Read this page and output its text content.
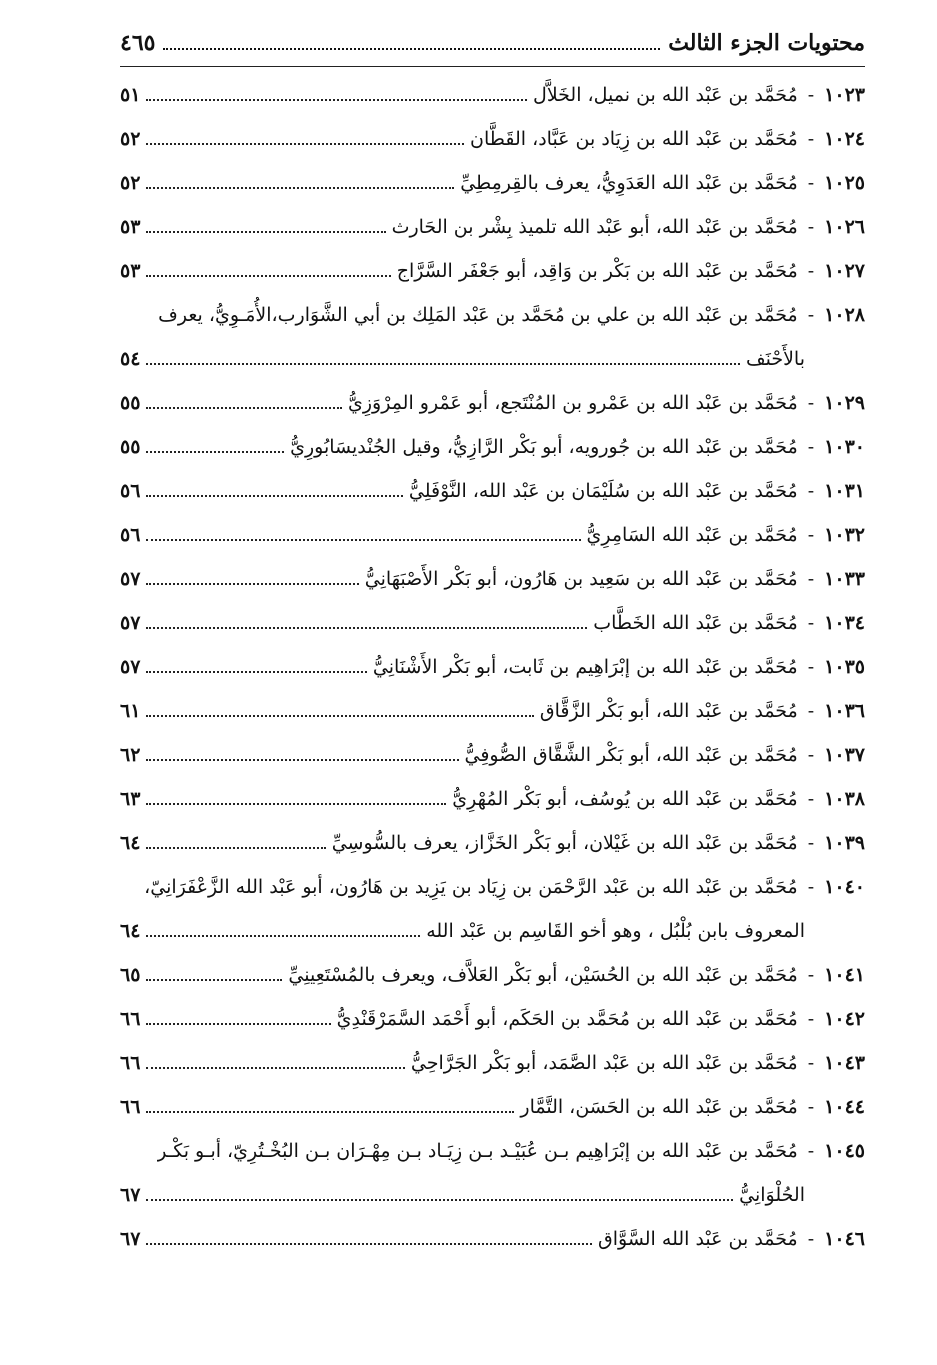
محتويات الجزء الثالث
٤٦٥
١٠٢٣
-
مُحَمَّد بن عَبْد الله بن نميل، الخَلاَّل
٥١
١٠٢٤
-
مُحَمَّد بن عَبْد الله بن زِيَاد بن عَبَّاد، القَطَّان
٥٢
١٠٢٥
-
مُحَمَّد بن عَبْد الله العَدَوِيُّ، يعرف بالقِرمِطِيِّ
٥٢
١٠٢٦
-
مُحَمَّد بن عَبْد الله، أبو عَبْد الله تلميذ بِشْر بن الحَارث
٥٣
١٠٢٧
-
مُحَمَّد بن عَبْد الله بن بَكْر بن وَاقِد، أبو جَعْفَر السَّرَّاج
٥٣
١٠٢٨
-
مُحَمَّد بن عَبْد الله بن علي بن مُحَمَّد بن عَبْد المَلِك بن أبي الشَّوَارب،الأُمَـوِيُّ، يعرف
بالأَحْنَف
٥٤
١٠٢٩
-
مُحَمَّد بن عَبْد الله بن عَمْرو بن المُنْتَجع، أبو عَمْرو المِرْوَزِيُّ
٥٥
١٠٣٠
-
مُحَمَّد بن عَبْد الله بن جُورويه، أبو بَكْر الرَّازِيُّ، وقيل الجُنْديسَابُورِيُّ
٥٥
١٠٣١
-
مُحَمَّد بن عَبْد الله بن سُلَيْمَان بن عَبْد الله، النَّوْفَلِيُّ
٥٦
١٠٣٢
-
مُحَمَّد بن عَبْد الله السَامِرِيُّ
٥٦
١٠٣٣
-
مُحَمَّد بن عَبْد الله بن سَعِيد بن هَارُون، أبو بَكْر الأَصْبَهَانِيُّ
٥٧
١٠٣٤
-
مُحَمَّد بن عَبْد الله الخَطَّاب
٥٧
١٠٣٥
-
مُحَمَّد بن عَبْد الله بن إبْرَاهِيم بن ثَابت، أبو بَكْر الأَشْنَانِيُّ
٥٧
١٠٣٦
-
مُحَمَّد بن عَبْد الله، أبو بَكْر الزَّقَّاق
٦١
١٠٣٧
-
مُحَمَّد بن عَبْد الله، أبو بَكْر الشَّقَّاق الصُّوفِيُّ
٦٢
١٠٣٨
-
مُحَمَّد بن عَبْد الله بن يُوسُف، أبو بَكْر المُهْرِيُّ
٦٣
١٠٣٩
-
مُحَمَّد بن عَبْد الله بن غَيْلان، أبو بَكْر الخَزَّاز، يعرف بالسُّوسِيِّ
٦٤
١٠٤٠
-
مُحَمَّد بن عَبْد الله بن عَبْد الرَّحْمَن بن زِيَاد بن يَزِيد بن هَارُون، أبو عَبْد الله الزَّعْفَرَانِيّ،
المعروف بابن بُلْبُل ، وهو أخو القَاسِم بن عَبْد الله
٦٤
١٠٤١
-
مُحَمَّد بن عَبْد الله بن الحُسَيْن، أبو بَكْر العَلاَّف، ويعرف بالمُسْتَعِينِيِّ
٦٥
١٠٤٢
-
مُحَمَّد بن عَبْد الله بن مُحَمَّد بن الحَكَم، أبو أَحْمَد السَّمَرْقَنْدِيُّ
٦٦
١٠٤٣
-
مُحَمَّد بن عَبْد الله بن عَبْد الصَّمَد، أبو بَكْر الجَرَّاحِيُّ
٦٦
١٠٤٤
-
مُحَمَّد بن عَبْد الله بن الحَسَن، التَّمَّار
٦٦
١٠٤٥
-
مُحَمَّد بن عَبْد الله بن إبْرَاهِيم بـن عُبَيْـد بـن زِيَـاد بـن مِهْـرَان بـن البُخْـتُرِيّ، أبـو بَكْـر
الحُلْوَانِيُّ
٦٧
١٠٤٦
-
مُحَمَّد بن عَبْد الله السَّوَّاق
٦٧
